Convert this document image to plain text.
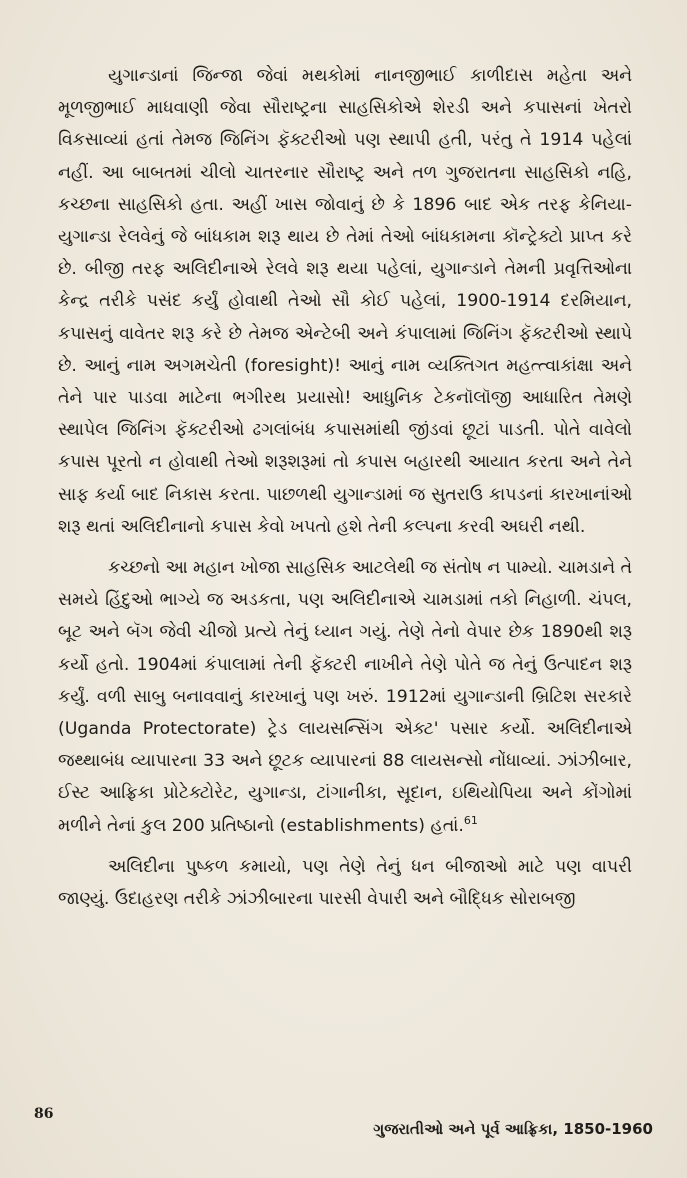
યુગાન્ડાનાં જિન્જા જેવાં મથકોમાં નાનજીભાઈ કાળીદાસ મહેતા અને મૂળજીભાઈ માધવાણી જેવા સૌરાષ્ટ્રના સાહસિકોએ શેરડી અને કપાસનાં ખેતરો વિકસાવ્યાં હતાં તેમજ જિનિંગ ફૅક્ટરીઓ પણ સ્થાપી હતી, પરંતુ તે 1914 પહેલાં નહીં. આ બાબતમાં ચીલો ચાતરનાર સૌરાષ્ટ્ર અને તળ ગુજરાતના સાહસિકો નહિ, કચ્છના સાહસિકો હતા. અહીં ખાસ જોવાનું છે કે 1896 બાદ એક તરફ કેનિયા-યુગાન્ડા રેલવેનું જે બાંધકામ શરૂ થાય છે તેમાં તેઓ બાંધકામના કૉન્ટ્રેક્ટો પ્રાપ્ત કરે છે. બીજી તરફ અલિદીનાએ રેલવે શરૂ થયા પહેલાં, યુગાન્ડાને તેમની પ્રવૃત્તિઓના કેન્દ્ર તરીકે પસંદ કર્યું હોવાથી તેઓ સૌ કોઈ પહેલાં, 1900-1914 દરમિયાન, કપાસનું વાવેતર શરૂ કરે છે તેમજ એન્ટેબી અને કંપાલામાં જિનિંગ ફૅક્ટરીઓ સ્થાપે છે. આનું નામ અગમચેતી (foresight)! આનું નામ વ્યક્તિગત મહત્ત્વાકાંક્ષા અને તેને પાર પાડવા માટેના ભગીરથ પ્રયાસો! આધુનિક ટેકનૉલૉજી આધારિત તેમણે સ્થાપેલ જિનિંગ ફૅક્ટરીઓ ઢગલાંબંધ કપાસમાંથી જીંડવાં છૂટાં પાડતી. પોતે વાવેલો કપાસ પૂરતો ન હોવાથી તેઓ શરૂશરૂમાં તો કપાસ બહારથી આયાત કરતા અને તેને સાફ કર્યા બાદ નિકાસ કરતા. પાછળથી યુગાન્ડામાં જ સુતરાઉ કાપડનાં કારખાનાંઓ શરૂ થતાં અલિદીનાનો કપાસ કેવો ખપતો હશે તેની કલ્પના કરવી અઘરી નથી.

કચ્છનો આ મહાન ખોજા સાહસિક આટલેથી જ સંતોષ ન પામ્યો. ચામડાને તે સમયે હિંદુઓ ભાગ્યે જ અડકતા, પણ અલિદીનાએ ચામડામાં તકો નિહાળી. ચંપલ, બૂટ અને બૅગ જેવી ચીજો પ્રત્યે તેનું ધ્યાન ગયું. તેણે તેનો વેપાર છેક 1890થી શરૂ કર્યો હતો. 1904માં કંપાલામાં તેની ફૅક્ટરી નાખીને તેણે પોતે જ તેનું ઉત્પાદન શરૂ કર્યું. વળી સાબુ બનાવવાનું કારખાનું પણ ખરું. 1912માં યુગાન્ડાની બ્રિટિશ સરકારે (Uganda Protectorate) ટ્રેડ લાયસન્સિંગ એક્ટ' પસાર કર્યો. અલિદીનાએ જથ્થાબંધ વ્યાપારના 33 અને છૂટક વ્યાપારનાં 88 લાયસન્સો નોંધાવ્યાં. ઝાંઝીબાર, ઈસ્ટ આફ્રિકા પ્રોટેક્ટોરેટ, યુગાન્ડા, ટાંગાનીકા, સૂદાન, ઇથિયોપિયા અને કોંગોમાં મળીને તેનાં કુલ 200 પ્રતિષ્ઠાનો (establishments) હતાં.$^{61}$

અલિદીના પુષ્કળ કમાયો, પણ તેણે તેનું ધન બીજાઓ માટે પણ વાપરી જાણ્યું. ઉદાહરણ તરીકે ઝાંઝીબારના પારસી વેપારી અને બૌદ્ધિક સોરાબજી

86
ગુજરાતીઓ અને પૂર્વ આફ્રિકા, 1850-1960
